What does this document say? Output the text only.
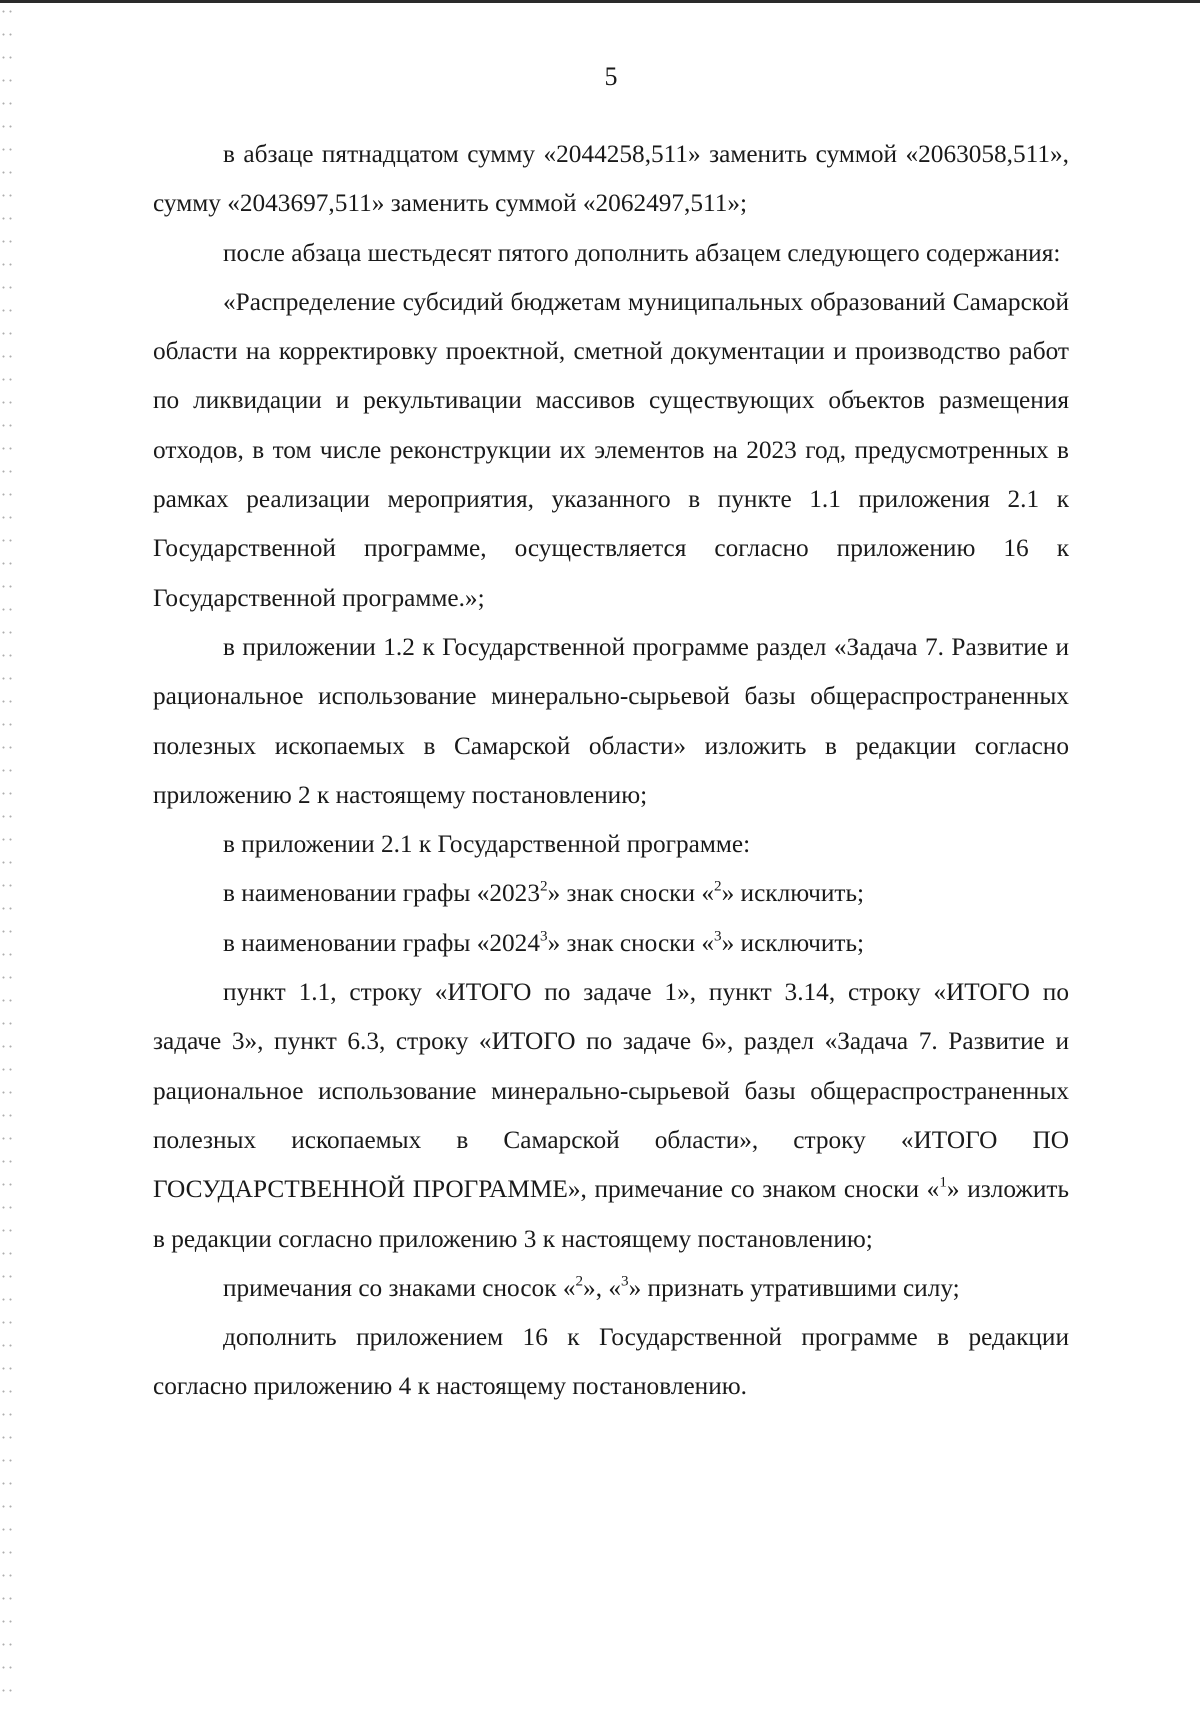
5

в абзаце пятнадцатом сумму «2044258,511» заменить суммой «2063058,511», сумму «2043697,511» заменить суммой «2062497,511»;

после абзаца шестьдесят пятого дополнить абзацем следующего содержания:

«Распределение субсидий бюджетам муниципальных образований Самарской области на корректировку проектной, сметной документации и производство работ по ликвидации и рекультивации массивов существующих объектов размещения отходов, в том числе реконструкции их элементов на 2023 год, предусмотренных в рамках реализации мероприятия, указанного в пункте 1.1 приложения 2.1 к Государственной программе, осуществляется согласно приложению 16 к Государственной программе.»;

в приложении 1.2 к Государственной программе раздел «Задача 7. Развитие и рациональное использование минерально-сырьевой базы общераспространенных полезных ископаемых в Самарской области» изложить в редакции согласно приложению 2 к настоящему постановлению;

в приложении 2.1 к Государственной программе:

в наименовании графы «2023$^2$» знак сноски «$^2$» исключить;

в наименовании графы «2024$^3$» знак сноски «$^3$» исключить;

пункт 1.1, строку «ИТОГО по задаче 1», пункт 3.14, строку «ИТОГО по задаче 3», пункт 6.3, строку «ИТОГО по задаче 6», раздел «Задача 7. Развитие и рациональное использование минерально-сырьевой базы общераспространенных полезных ископаемых в Самарской области», строку «ИТОГО ПО ГОСУДАРСТВЕННОЙ ПРОГРАММЕ», примечание со знаком сноски «$^1$» изложить в редакции согласно приложению 3 к настоящему постановлению;

примечания со знаками сносок «$^2$», «$^3$» признать утратившими силу;

дополнить приложением 16 к Государственной программе в редакции согласно приложению 4 к настоящему постановлению.
